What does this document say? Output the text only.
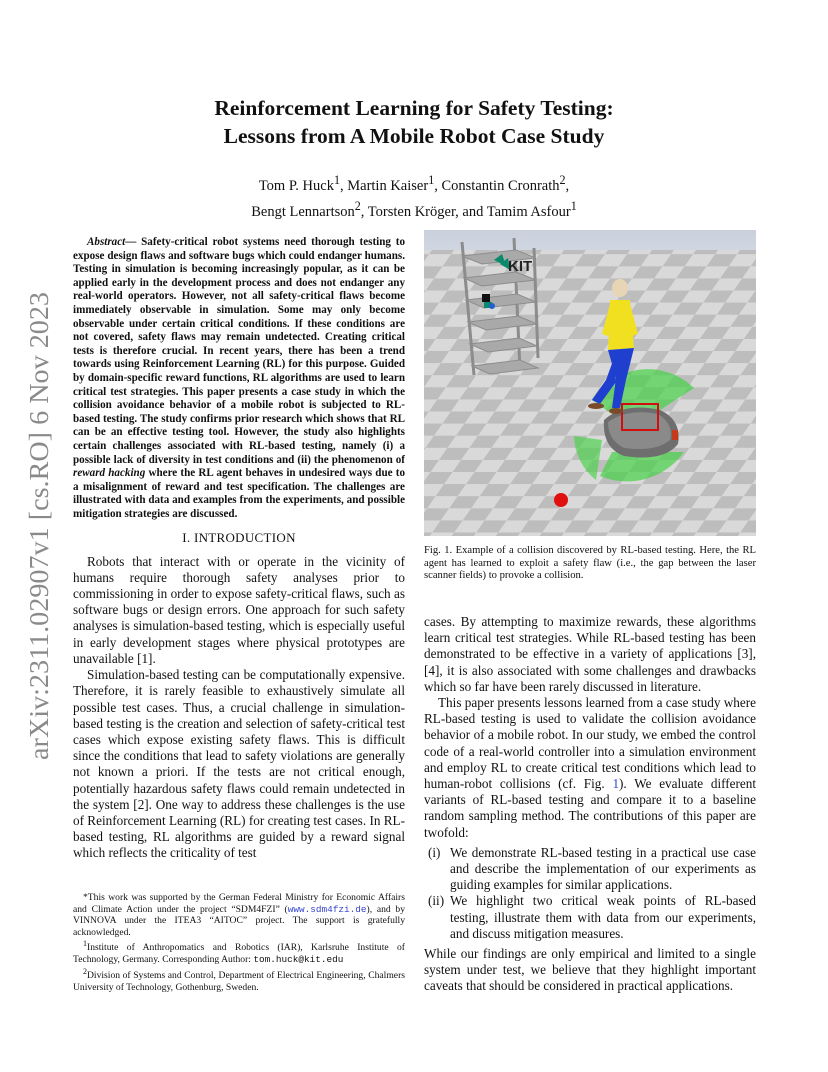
arXiv:2311.02907v1 [cs.RO] 6 Nov 2023
Reinforcement Learning for Safety Testing:
Lessons from A Mobile Robot Case Study
Tom P. Huck$^1$, Martin Kaiser$^1$, Constantin Cronrath$^2$,
Bengt Lennartson$^2$, Torsten Kröger, and Tamim Asfour$^1$
Abstract— Safety-critical robot systems need thorough testing to expose design flaws and software bugs which could endanger humans. Testing in simulation is becoming increasingly popular, as it can be applied early in the development process and does not endanger any real-world operators. However, not all safety-critical flaws become immediately observable in simulation. Some may only become observable under certain critical conditions. If these conditions are not covered, safety flaws may remain undetected. Creating critical tests is therefore crucial. In recent years, there has been a trend towards using Reinforcement Learning (RL) for this purpose. Guided by domain-specific reward functions, RL algorithms are used to learn critical test strategies. This paper presents a case study in which the collision avoidance behavior of a mobile robot is subjected to RL-based testing. The study confirms prior research which shows that RL can be an effective testing tool. However, the study also highlights certain challenges associated with RL-based testing, namely (i) a possible lack of diversity in test conditions and (ii) the phenomenon of reward hacking where the RL agent behaves in undesired ways due to a misalignment of reward and test specification. The challenges are illustrated with data and examples from the experiments, and possible mitigation strategies are discussed.
I. INTRODUCTION

Robots that interact with or operate in the vicinity of humans require thorough safety analyses prior to commissioning in order to expose safety-critical flaws, such as software bugs or design errors. One approach for such safety analyses is simulation-based testing, which is especially useful in early development stages where physical prototypes are unavailable [1].

Simulation-based testing can be computationally expensive. Therefore, it is rarely feasible to exhaustively simulate all possible test cases. Thus, a crucial challenge in simulation-based testing is the creation and selection of safety-critical test cases which expose existing safety flaws. This is difficult since the conditions that lead to safety violations are generally not known a priori. If the tests are not critical enough, potentially hazardous safety flaws could remain undetected in the system [2]. One way to address these challenges is the use of Reinforcement Learning (RL) for creating test cases. In RL-based testing, RL algorithms are guided by a reward signal which reflects the criticality of test

*This work was supported by the German Federal Ministry for Economic Affairs and Climate Action under the project “SDM4FZI” (www.sdm4fzi.de), and by VINNOVA under the ITEA3 “AITOC” project. The support is gratefully acknowledged.
$^1$Institute of Anthropomatics and Robotics (IAR), Karlsruhe Institute of Technology, Germany. Corresponding Author: tom.huck@kit.edu
$^2$Division of Systems and Control, Department of Electrical Engineering, Chalmers University of Technology, Gothenburg, Sweden.
KIT
Fig. 1. Example of a collision discovered by RL-based testing. Here, the RL agent has learned to exploit a safety flaw (i.e., the gap between the laser scanner fields) to provoke a collision.

cases. By attempting to maximize rewards, these algorithms learn critical test strategies. While RL-based testing has been demonstrated to be effective in a variety of applications [3], [4], it is also associated with some challenges and drawbacks which so far have been rarely discussed in literature.

This paper presents lessons learned from a case study where RL-based testing is used to validate the collision avoidance behavior of a mobile robot. In our study, we embed the control code of a real-world controller into a simulation environment and employ RL to create critical test conditions which lead to human-robot collisions (cf. Fig. 1). We evaluate different variants of RL-based testing and compare it to a baseline random sampling method. The contributions of this paper are twofold:

(i) We demonstrate RL-based testing in a practical use case and describe the implementation of our experiments as guiding examples for similar applications.
(ii) We highlight two critical weak points of RL-based testing, illustrate them with data from our experiments, and discuss mitigation measures.

While our findings are only empirical and limited to a single system under test, we believe that they highlight important caveats that should be considered in practical applications.
